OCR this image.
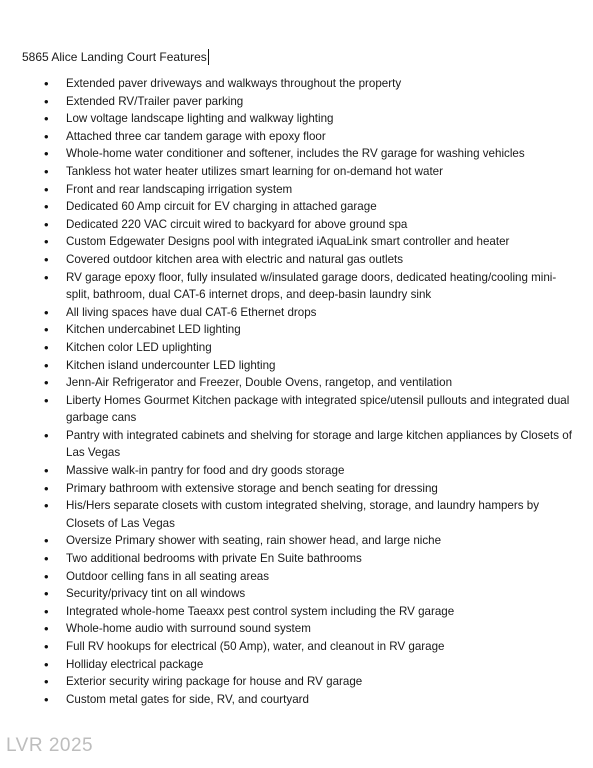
5865 Alice Landing Court Features
•	Extended paver driveways and walkways throughout the property
•	Extended RV/Trailer paver parking
•	Low voltage landscape lighting and walkway lighting
•	Attached three car tandem garage with epoxy floor
•	Whole-home water conditioner and softener, includes the RV garage for washing vehicles
•	Tankless hot water heater utilizes smart learning for on-demand hot water
•	Front and rear landscaping irrigation system
•	Dedicated 60 Amp circuit for EV charging in attached garage
•	Dedicated 220 VAC circuit wired to backyard for above ground spa
•	Custom Edgewater Designs pool with integrated iAquaLink smart controller and heater
•	Covered outdoor kitchen area with electric and natural gas outlets
•	RV garage epoxy floor, fully insulated w/insulated garage doors, dedicated heating/cooling mini-split, bathroom, dual CAT-6 internet drops, and deep-basin laundry sink
•	All living spaces have dual CAT-6 Ethernet drops
•	Kitchen undercabinet LED lighting
•	Kitchen color LED uplighting
•	Kitchen island undercounter LED lighting
•	Jenn-Air Refrigerator and Freezer, Double Ovens, rangetop, and ventilation
•	Liberty Homes Gourmet Kitchen package with integrated spice/utensil pullouts and integrated dual garbage cans
•	Pantry with integrated cabinets and shelving for storage and large kitchen appliances by Closets of Las Vegas
•	Massive walk-in pantry for food and dry goods storage
•	Primary bathroom with extensive storage and bench seating for dressing
•	His/Hers separate closets with custom integrated shelving, storage, and laundry hampers by Closets of Las Vegas
•	Oversize Primary shower with seating, rain shower head, and large niche
•	Two additional bedrooms with private En Suite bathrooms
•	Outdoor celling fans in all seating areas
•	Security/privacy tint on all windows
•	Integrated whole-home Taeaxx pest control system including the RV garage
•	Whole-home audio with surround sound system
•	Full RV hookups for electrical (50 Amp), water, and cleanout in RV garage
•	Holliday electrical package
•	Exterior security wiring package for house and RV garage
•	Custom metal gates for side, RV, and courtyard
LVR 2025
